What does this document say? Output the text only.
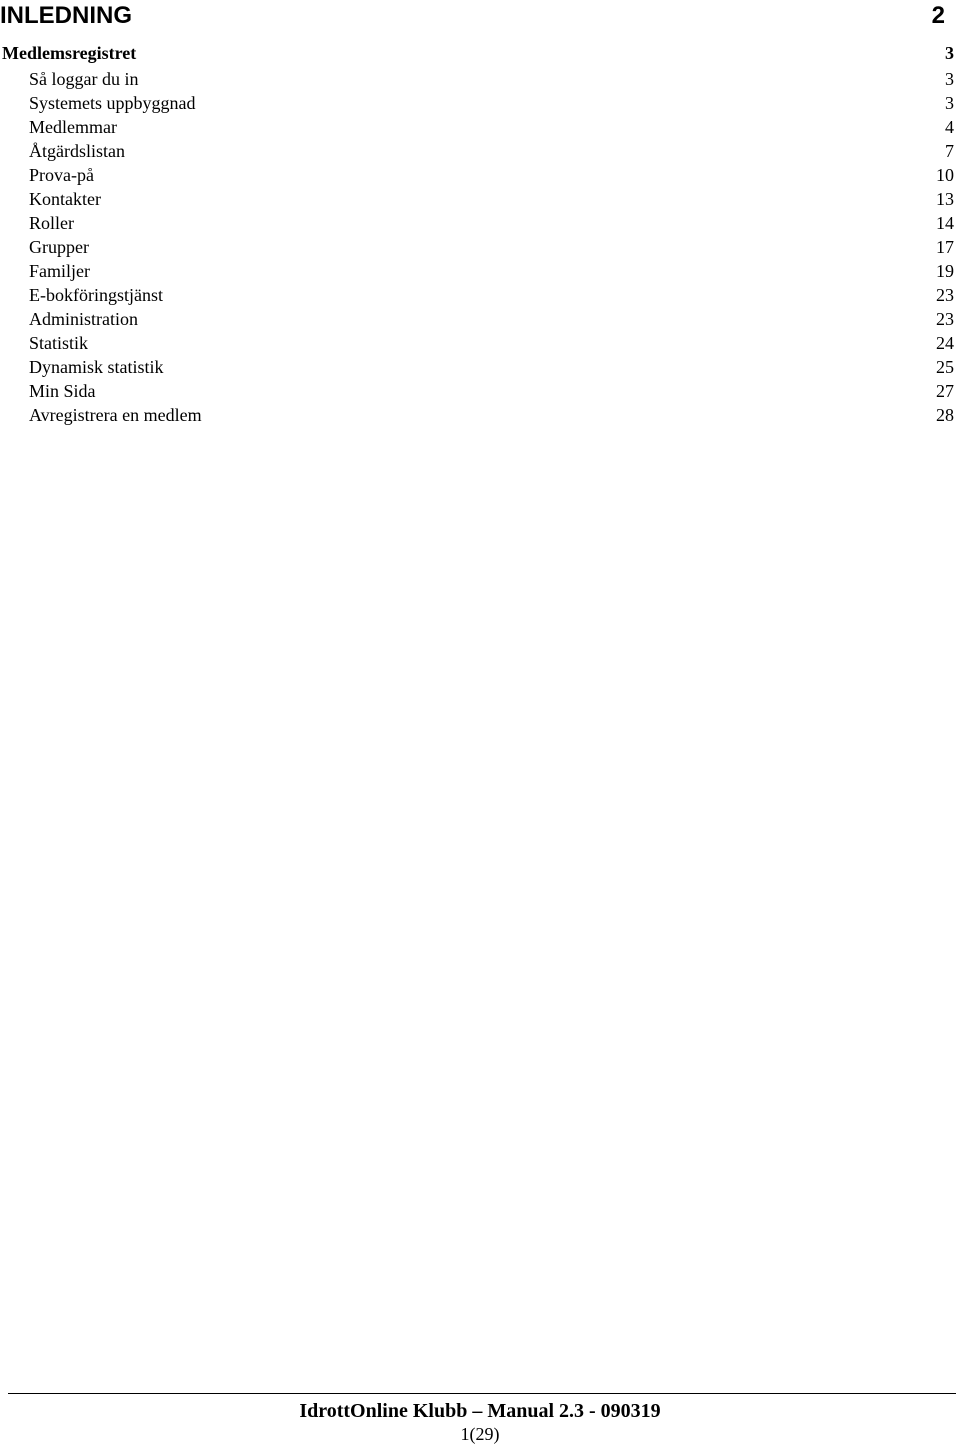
INLEDNING	2
Medlemsregistret	3
Så loggar du in	3
Systemets uppbyggnad	3
Medlemmar	4
Åtgärdslistan	7
Prova-på	10
Kontakter	13
Roller	14
Grupper	17
Familjer	19
E-bokföringstjänst	23
Administration	23
Statistik	24
Dynamisk statistik	25
Min Sida	27
Avregistrera en medlem	28
IdrottOnline Klubb – Manual 2.3 - 090319
1(29)
